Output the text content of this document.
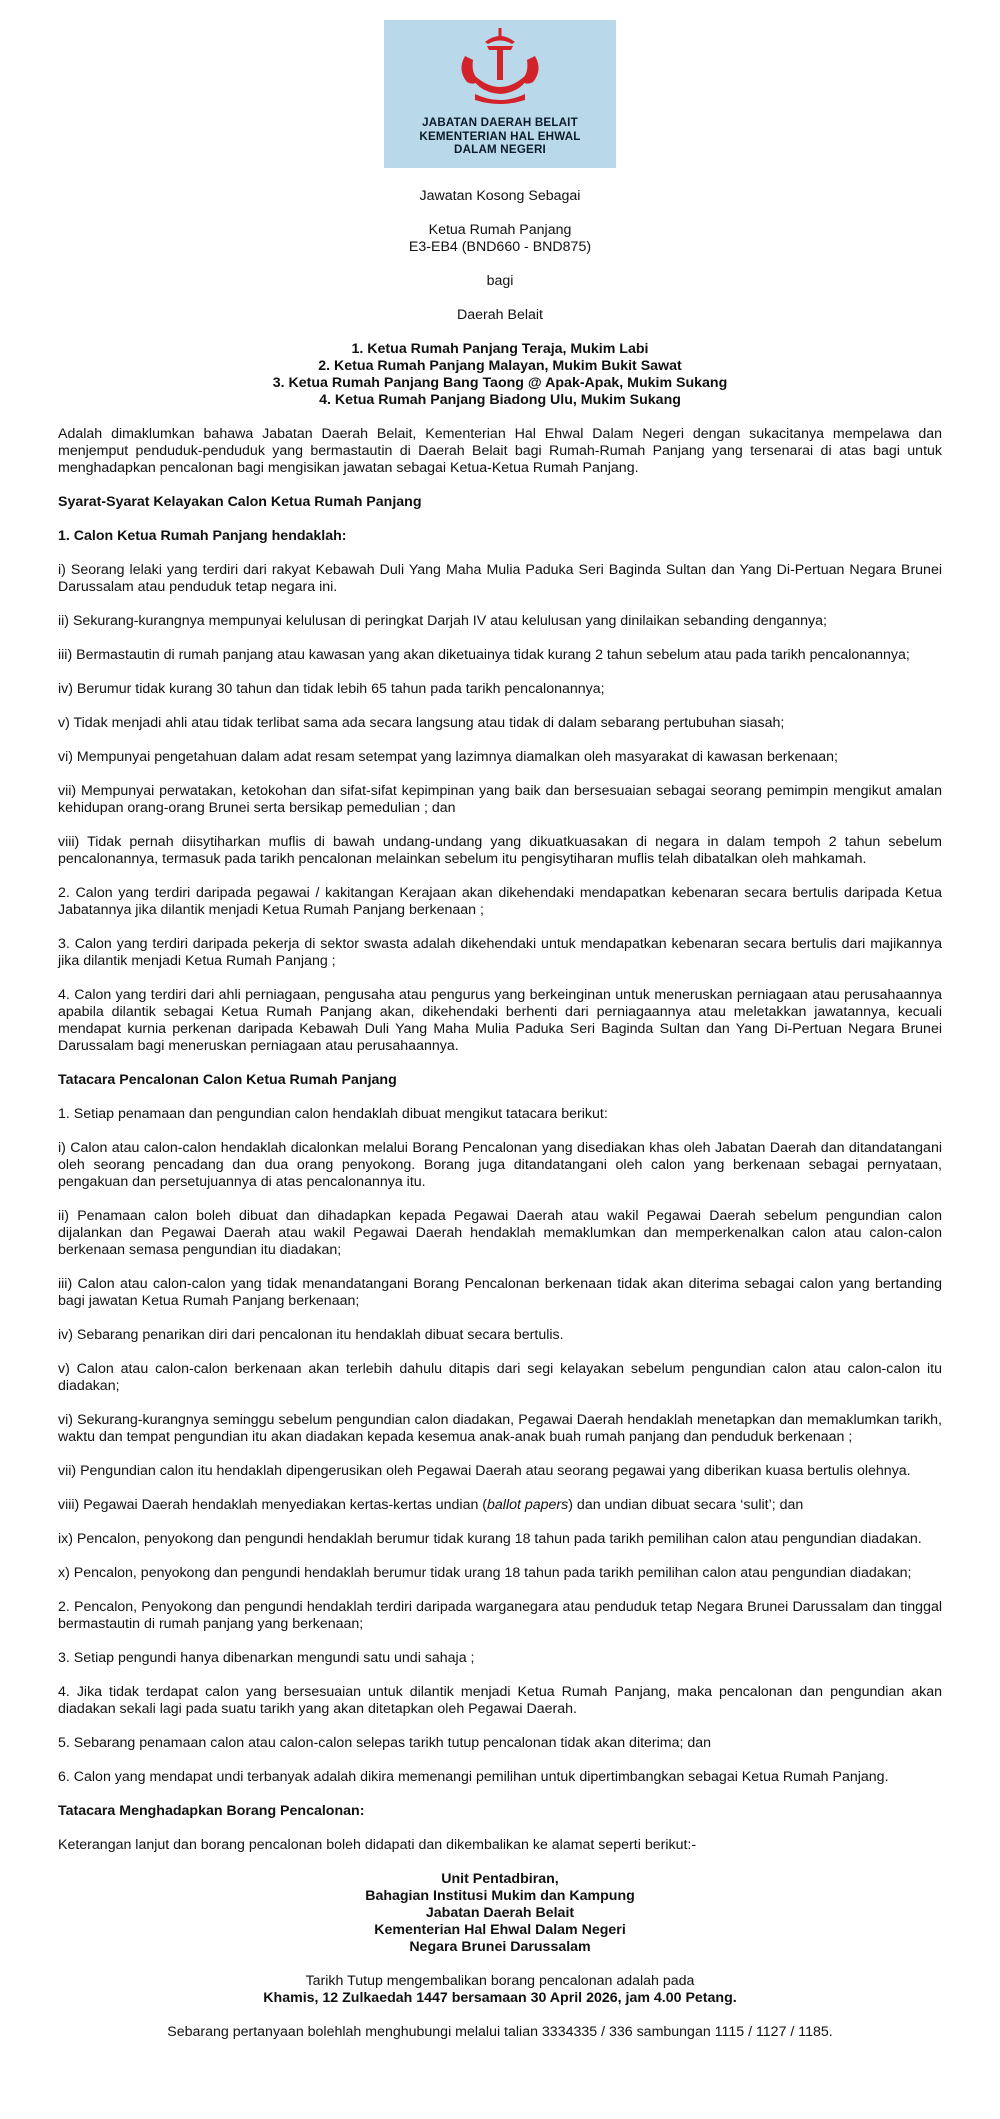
JABATAN DAERAH BELAIT
KEMENTERIAN HAL EHWAL
DALAM NEGERI
Jawatan Kosong Sebagai
Ketua Rumah Panjang
E3-EB4 (BND660 - BND875)
bagi
Daerah Belait
1. Ketua Rumah Panjang Teraja, Mukim Labi
2. Ketua Rumah Panjang Malayan, Mukim Bukit Sawat
3. Ketua Rumah Panjang Bang Taong @ Apak-Apak, Mukim Sukang
4. Ketua Rumah Panjang Biadong Ulu, Mukim Sukang

Adalah dimaklumkan bahawa Jabatan Daerah Belait, Kementerian Hal Ehwal Dalam Negeri dengan sukacitanya mempelawa dan menjemput penduduk-penduduk yang bermastautin di Daerah Belait bagi Rumah-Rumah Panjang yang tersenarai di atas bagi untuk menghadapkan pencalonan bagi mengisikan jawatan sebagai Ketua-Ketua Rumah Panjang.

Syarat-Syarat Kelayakan Calon Ketua Rumah Panjang
1. Calon Ketua Rumah Panjang hendaklah:

i) Seorang lelaki yang terdiri dari rakyat Kebawah Duli Yang Maha Mulia Paduka Seri Baginda Sultan dan Yang Di-Pertuan Negara Brunei Darussalam atau penduduk tetap negara ini.

ii) Sekurang-kurangnya mempunyai kelulusan di peringkat Darjah IV atau kelulusan yang dinilaikan sebanding dengannya;

iii) Bermastautin di rumah panjang atau kawasan yang akan diketuainya tidak kurang 2 tahun sebelum atau pada tarikh pencalonannya;

iv) Berumur tidak kurang 30 tahun dan tidak lebih 65 tahun pada tarikh pencalonannya;

v) Tidak menjadi ahli atau tidak terlibat sama ada secara langsung atau tidak di dalam sebarang pertubuhan siasah;

vi) Mempunyai pengetahuan dalam adat resam setempat yang lazimnya diamalkan oleh masyarakat di kawasan berkenaan;

vii) Mempunyai perwatakan, ketokohan dan sifat-sifat kepimpinan yang baik dan bersesuaian sebagai seorang pemimpin mengikut amalan kehidupan orang-orang Brunei serta bersikap pemedulian ; dan

viii) Tidak pernah diisytiharkan muflis di bawah undang-undang yang dikuatkuasakan di negara in dalam tempoh 2 tahun sebelum pencalonannya, termasuk pada tarikh pencalonan melainkan sebelum itu pengisytiharan muflis telah dibatalkan oleh mahkamah.

2. Calon yang terdiri daripada pegawai / kakitangan Kerajaan akan dikehendaki mendapatkan kebenaran secara bertulis daripada Ketua Jabatannya jika dilantik menjadi Ketua Rumah Panjang berkenaan ;

3. Calon yang terdiri daripada pekerja di sektor swasta adalah dikehendaki untuk mendapatkan kebenaran secara bertulis dari majikannya jika dilantik menjadi Ketua Rumah Panjang ;

4. Calon yang terdiri dari ahli perniagaan, pengusaha atau pengurus yang berkeinginan untuk meneruskan perniagaan atau perusahaannya apabila dilantik sebagai Ketua Rumah Panjang akan, dikehendaki berhenti dari perniagaannya atau meletakkan jawatannya, kecuali mendapat kurnia perkenan daripada Kebawah Duli Yang Maha Mulia Paduka Seri Baginda Sultan dan Yang Di-Pertuan Negara Brunei Darussalam bagi meneruskan perniagaan atau perusahaannya.

Tatacara Pencalonan Calon Ketua Rumah Panjang

1. Setiap penamaan dan pengundian calon hendaklah dibuat mengikut tatacara berikut:

i) Calon atau calon-calon hendaklah dicalonkan melalui Borang Pencalonan yang disediakan khas oleh Jabatan Daerah dan ditandatangani oleh seorang pencadang dan dua orang penyokong. Borang juga ditandatangani oleh calon yang berkenaan sebagai pernyataan, pengakuan dan persetujuannya di atas pencalonannya itu.

ii) Penamaan calon boleh dibuat dan dihadapkan kepada Pegawai Daerah atau wakil Pegawai Daerah sebelum pengundian calon dijalankan dan Pegawai Daerah atau wakil Pegawai Daerah hendaklah memaklumkan dan memperkenalkan calon atau calon-calon berkenaan semasa pengundian itu diadakan;

iii) Calon atau calon-calon yang tidak menandatangani Borang Pencalonan berkenaan tidak akan diterima sebagai calon yang bertanding bagi jawatan Ketua Rumah Panjang berkenaan;

iv) Sebarang penarikan diri dari pencalonan itu hendaklah dibuat secara bertulis.

v) Calon atau calon-calon berkenaan akan terlebih dahulu ditapis dari segi kelayakan sebelum pengundian calon atau calon-calon itu diadakan;

vi) Sekurang-kurangnya seminggu sebelum pengundian calon diadakan, Pegawai Daerah hendaklah menetapkan dan memaklumkan tarikh, waktu dan tempat pengundian itu akan diadakan kepada kesemua anak-anak buah rumah panjang dan penduduk berkenaan ;

vii) Pengundian calon itu hendaklah dipengerusikan oleh Pegawai Daerah atau seorang pegawai yang diberikan kuasa bertulis olehnya.

viii) Pegawai Daerah hendaklah menyediakan kertas-kertas undian (ballot papers) dan undian dibuat secara ‘sulit’; dan

ix) Pencalon, penyokong dan pengundi hendaklah berumur tidak kurang 18 tahun pada tarikh pemilihan calon atau pengundian diadakan.

x) Pencalon, penyokong dan pengundi hendaklah berumur tidak urang 18 tahun pada tarikh pemilihan calon atau pengundian diadakan;

2. Pencalon, Penyokong dan pengundi hendaklah terdiri daripada warganegara atau penduduk tetap Negara Brunei Darussalam dan tinggal bermastautin di rumah panjang yang berkenaan;

3. Setiap pengundi hanya dibenarkan mengundi satu undi sahaja ;

4. Jika tidak terdapat calon yang bersesuaian untuk dilantik menjadi Ketua Rumah Panjang, maka pencalonan dan pengundian akan diadakan sekali lagi pada suatu tarikh yang akan ditetapkan oleh Pegawai Daerah.

5. Sebarang penamaan calon atau calon-calon selepas tarikh tutup pencalonan tidak akan diterima; dan

6. Calon yang mendapat undi terbanyak adalah dikira memenangi pemilihan untuk dipertimbangkan sebagai Ketua Rumah Panjang.

Tatacara Menghadapkan Borang Pencalonan:

Keterangan lanjut dan borang pencalonan boleh didapati dan dikembalikan ke alamat seperti berikut:-

Unit Pentadbiran,
Bahagian Institusi Mukim dan Kampung
Jabatan Daerah Belait
Kementerian Hal Ehwal Dalam Negeri
Negara Brunei Darussalam
Tarikh Tutup mengembalikan borang pencalonan adalah pada
Khamis, 12 Zulkaedah 1447 bersamaan 30 April 2026, jam 4.00 Petang.
Sebarang pertanyaan bolehlah menghubungi melalui talian 3334335 / 336 sambungan 1115 / 1127 / 1185.
